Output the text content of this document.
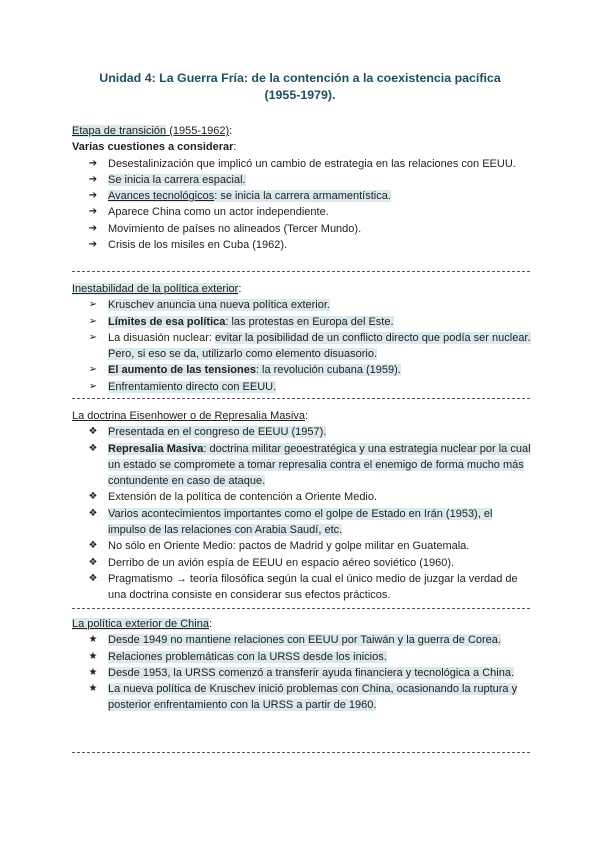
Unidad 4: La Guerra Fría: de la contención a la coexistencia pacífica
(1955-1979).
Etapa de transición (1955-1962):
Varias cuestiones a considerar:
➔ Desestalinización que implicó un cambio de estrategia en las relaciones con EEUU.
➔ Se inicia la carrera espacial.
➔ Avances tecnológicos: se inicia la carrera armamentística.
➔ Aparece China como un actor independiente.
➔ Movimiento de países no alineados (Tercer Mundo).
➔ Crisis de los misiles en Cuba (1962).
Inestabilidad de la política exterior:
➢ Kruschev anuncia una nueva política exterior.
➢ Límites de esa política: las protestas en Europa del Este.
➢ La disuasión nuclear: evitar la posibilidad de un conflicto directo que podía ser nuclear. Pero, si eso se da, utilizarlo como elemento disuasorio.
➢ El aumento de las tensiones: la revolución cubana (1959).
➢ Enfrentamiento directo con EEUU.
La doctrina Eisenhower o de Represalia Masiva:
❖ Presentada en el congreso de EEUU (1957).
❖ Represalia Masiva: doctrina militar geoestratégica y una estrategia nuclear por la cual un estado se compromete a tomar represalia contra el enemigo de forma mucho más contundente en caso de ataque.
❖ Extensión de la política de contención a Oriente Medio.
❖ Varios acontecimientos importantes como el golpe de Estado en Irán (1953), el impulso de las relaciones con Arabia Saudí, etc.
❖ No sólo en Oriente Medio: pactos de Madrid y golpe militar en Guatemala.
❖ Derribo de un avión espía de EEUU en espacio aéreo soviético (1960).
❖ Pragmatismo → teoría filosófica según la cual el único medio de juzgar la verdad de una doctrina consiste en considerar sus efectos prácticos.
La política exterior de China:
★ Desde 1949 no mantiene relaciones con EEUU por Taiwán y la guerra de Corea.
★ Relaciones problemáticas con la URSS desde los inicios.
★ Desde 1953, la URSS comenzó a transferir ayuda financiera y tecnológica a China.
★ La nueva política de Kruschev inició problemas con China, ocasionando la ruptura y posterior enfrentamiento con la URSS a partir de 1960.
